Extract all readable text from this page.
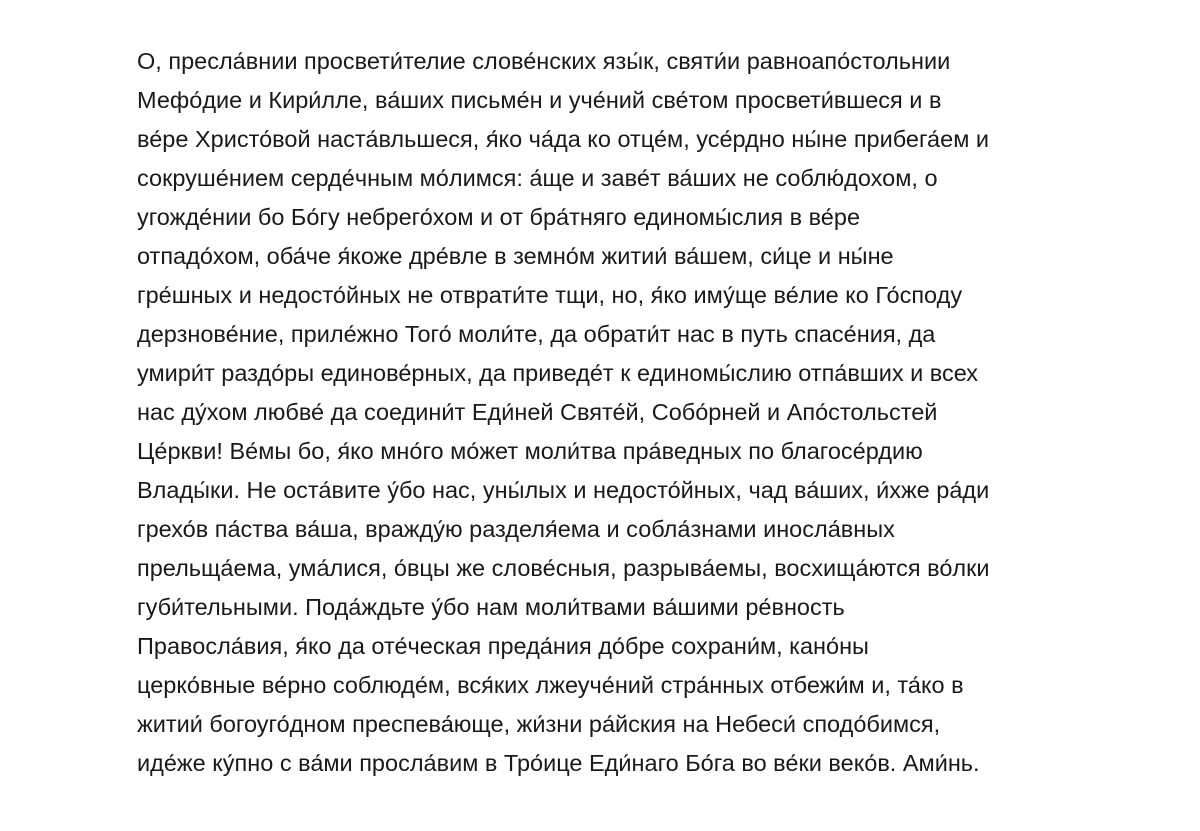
О, пресла́внии просвети́телие слове́нских язы́к, святи́и равноапо́стольнии
Мефо́дие и Кири́лле, ва́ших письме́н и уче́ний све́том просвети́вшеся и в
ве́ре Христо́вой наста́вльшеся, я́ко ча́да ко отце́м, усе́рдно ны́не прибега́ем и
сокруше́нием серде́чным мо́лимся: а́ще и заве́т ва́ших не соблю́дохом, о
угожде́нии бо Бо́гу небрего́хом и от бра́тняго единомы́слия в ве́ре
отпадо́хом, оба́че я́коже дре́вле в земно́м житии́ ва́шем, си́це и ны́не
гре́шных и недосто́йных не отврати́те тщи, но, я́ко иму́ще ве́лие ко Го́споду
дерзнове́ние, приле́жно Того́ моли́те, да обрати́т нас в путь спасе́ния, да
умири́т раздо́ры единове́рных, да приведе́т к единомы́слию отпа́вших и всех
нас ду́хом любве́ да соедини́т Еди́ней Святе́й, Собо́рней и Апо́стольстей
Це́ркви! Ве́мы бо, я́ко мно́го мо́жет моли́тва пра́ведных по благосе́рдию
Влады́ки. Не оста́вите у́бо нас, уны́лых и недосто́йных, чад ва́ших, и́хже ра́ди
грехо́в па́ства ва́ша, вражду́ю разделя́ема и собла́знами иносла́вных
прельща́ема, ума́лися, о́вцы же слове́сныя, разрыва́емы, восхища́ются во́лки
губи́тельными. Пода́ждьте у́бо нам моли́твами ва́шими ре́вность
Правосла́вия, я́ко да оте́ческая преда́ния до́бре сохрани́м, кано́ны
церко́вные ве́рно соблюде́м, вся́ких лжеуче́ний стра́нных отбежи́м и, та́ко в
житии́ богоуго́дном преспева́юще, жи́зни ра́йския на Небеси́ сподо́бимся,
иде́же ку́пно с ва́ми просла́вим в Тро́ице Еди́наго Бо́га во ве́ки веко́в. Ами́нь.
